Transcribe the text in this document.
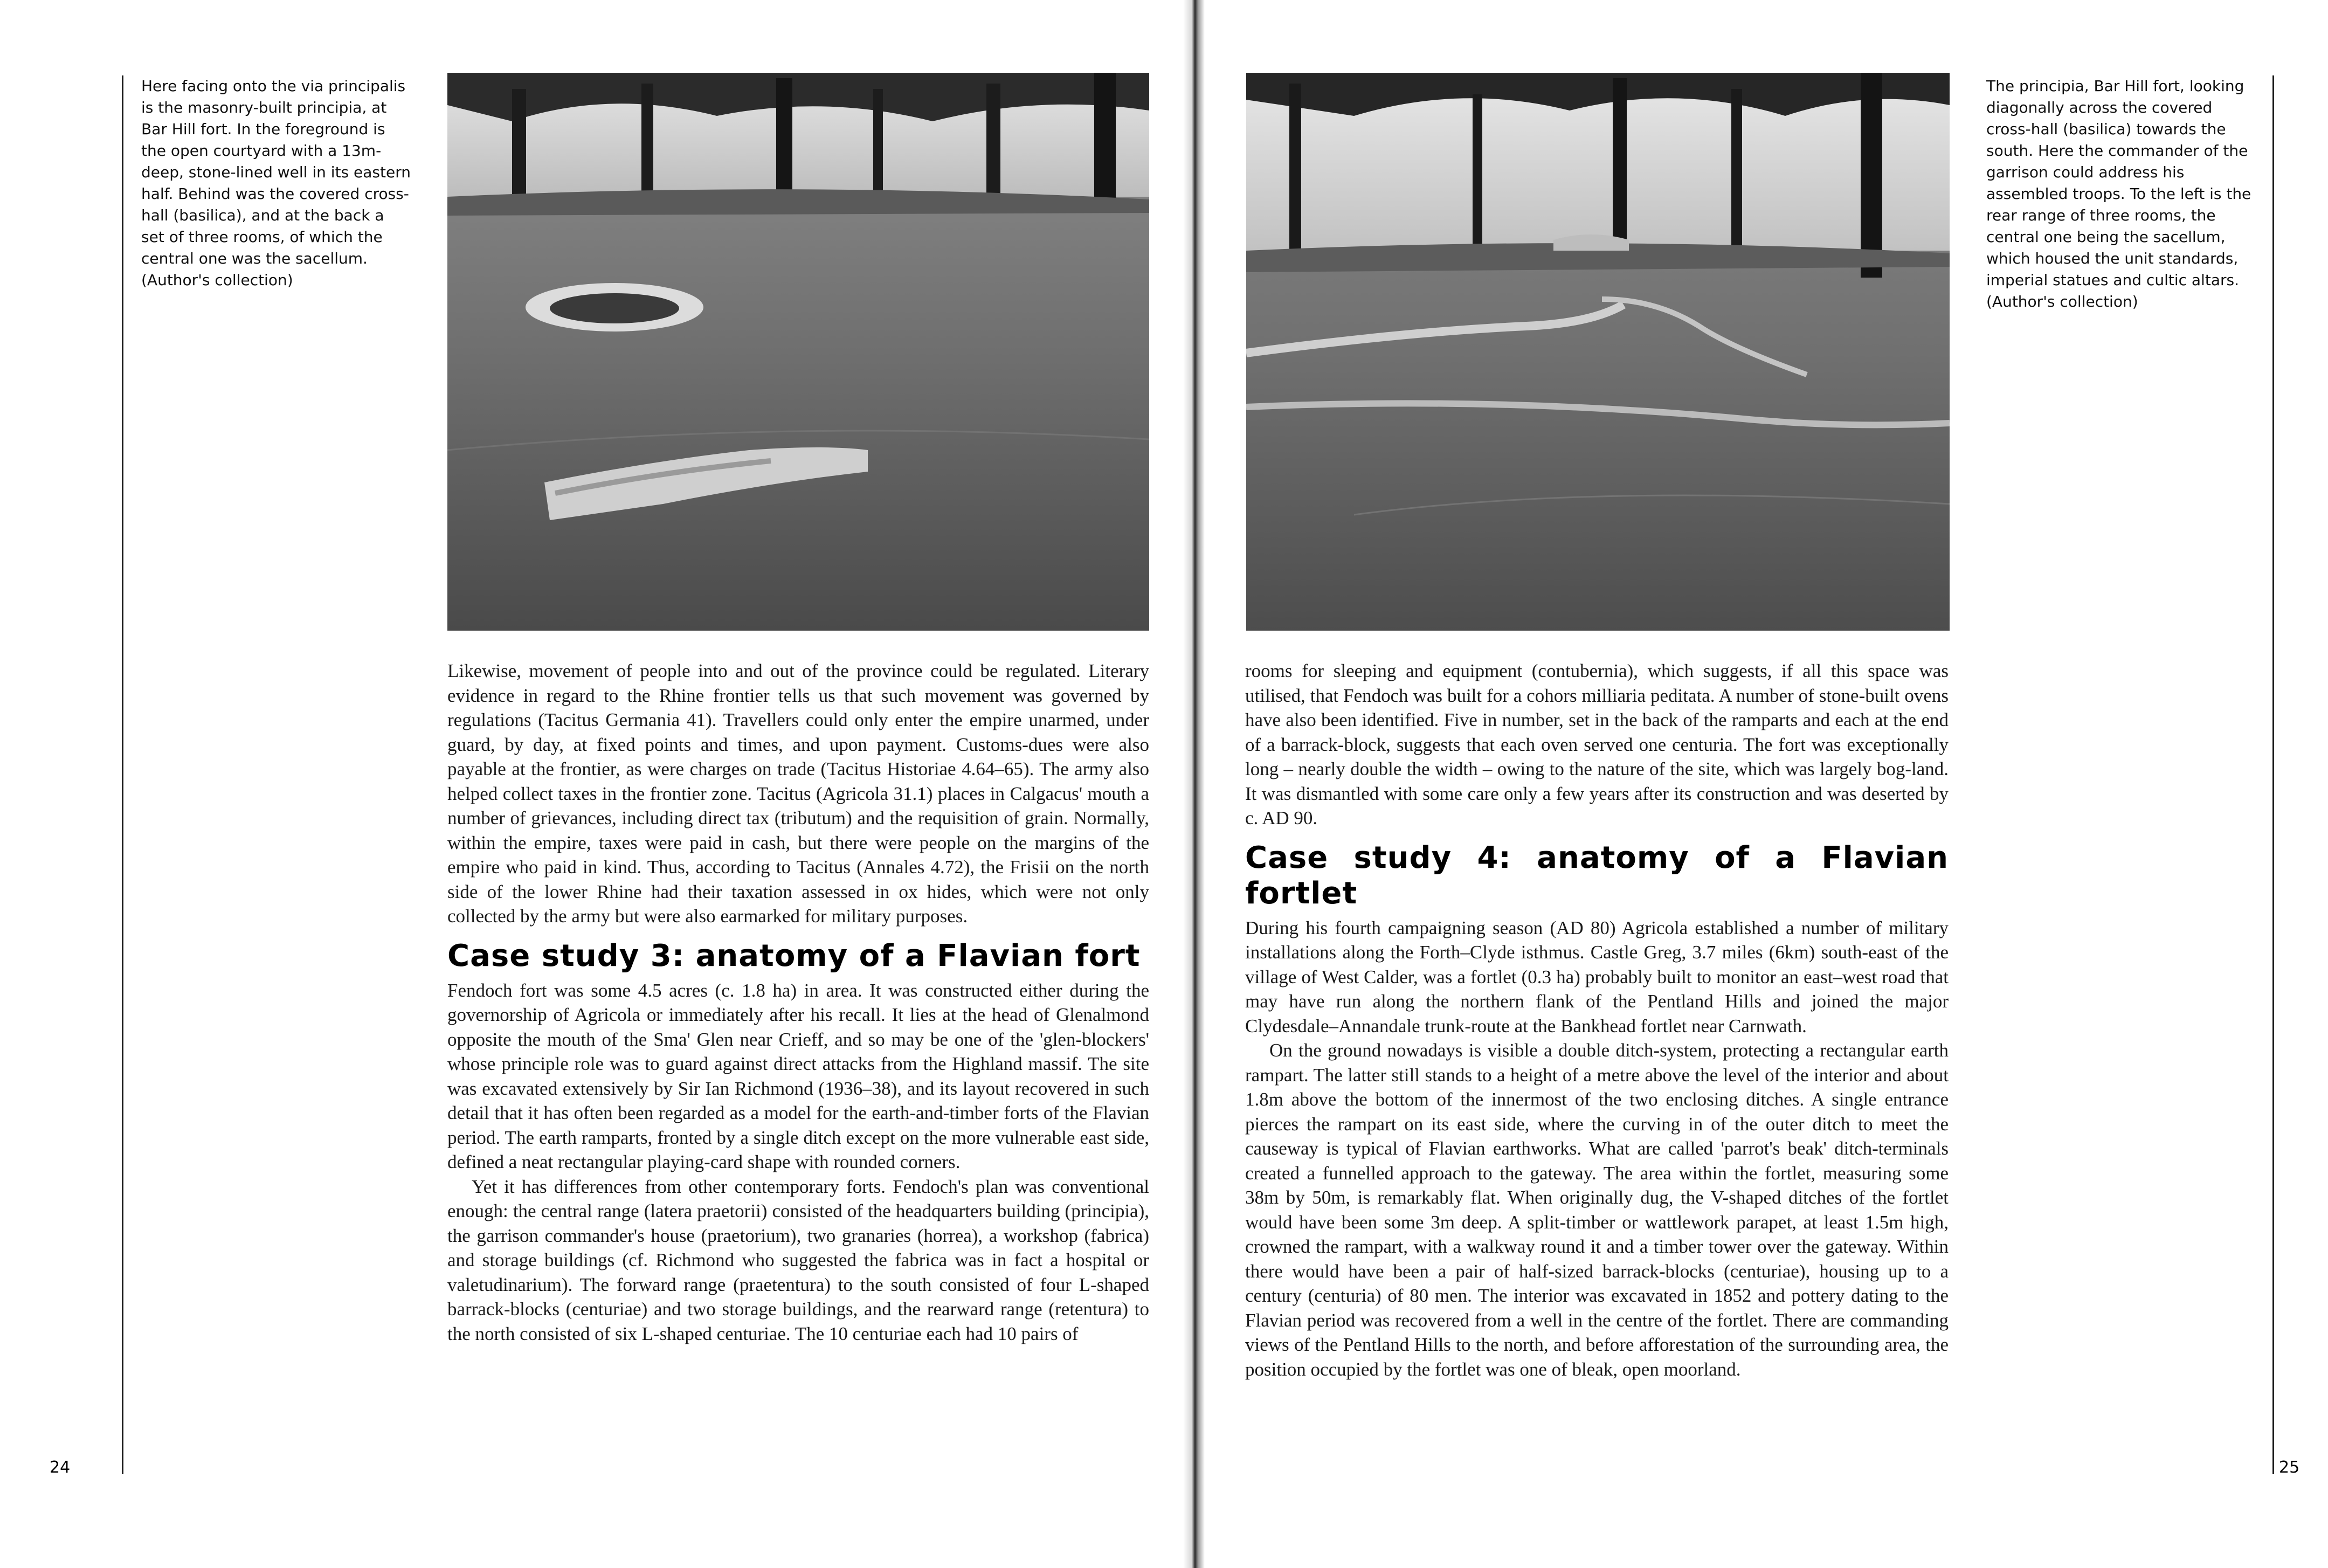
Here facing onto the via principalis is the masonry-built principia, at Bar Hill fort. In the foreground is the open courtyard with a 13m-deep, stone-lined well in its eastern half. Behind was the covered cross-hall (basilica), and at the back a set of three rooms, of which the central one was the sacellum. (Author's collection)

Likewise, movement of people into and out of the province could be regulated. Literary evidence in regard to the Rhine frontier tells us that such movement was governed by regulations (Tacitus Germania 41). Travellers could only enter the empire unarmed, under guard, by day, at fixed points and times, and upon payment. Customs-dues were also payable at the frontier, as were charges on trade (Tacitus Historiae 4.64–65). The army also helped collect taxes in the frontier zone. Tacitus (Agricola 31.1) places in Calgacus' mouth a number of grievances, including direct tax (tributum) and the requisition of grain. Normally, within the empire, taxes were paid in cash, but there were people on the margins of the empire who paid in kind. Thus, according to Tacitus (Annales 4.72), the Frisii on the north side of the lower Rhine had their taxation assessed in ox hides, which were not only collected by the army but were also earmarked for military purposes.

Case study 3: anatomy of a Flavian fort

Fendoch fort was some 4.5 acres (c. 1.8 ha) in area. It was constructed either during the governorship of Agricola or immediately after his recall. It lies at the head of Glenalmond opposite the mouth of the Sma' Glen near Crieff, and so may be one of the 'glen-blockers' whose principle role was to guard against direct attacks from the Highland massif. The site was excavated extensively by Sir Ian Richmond (1936–38), and its layout recovered in such detail that it has often been regarded as a model for the earth-and-timber forts of the Flavian period. The earth ramparts, fronted by a single ditch except on the more vulnerable east side, defined a neat rectangular playing-card shape with rounded corners.

Yet it has differences from other contemporary forts. Fendoch's plan was conventional enough: the central range (latera praetorii) consisted of the headquarters building (principia), the garrison commander's house (praetorium), two granaries (horrea), a workshop (fabrica) and storage buildings (cf. Richmond who suggested the fabrica was in fact a hospital or valetudinarium). The forward range (praetentura) to the south consisted of four L-shaped barrack-blocks (centuriae) and two storage buildings, and the rearward range (retentura) to the north consisted of six L-shaped centuriae. The 10 centuriae each had 10 pairs of

24

The principia, Bar Hill fort, looking diagonally across the covered cross-hall (basilica) towards the south. Here the commander of the garrison could address his assembled troops. To the left is the rear range of three rooms, the central one being the sacellum, which housed the unit standards, imperial statues and cultic altars. (Author's collection)

rooms for sleeping and equipment (contubernia), which suggests, if all this space was utilised, that Fendoch was built for a cohors milliaria peditata. A number of stone-built ovens have also been identified. Five in number, set in the back of the ramparts and each at the end of a barrack-block, suggests that each oven served one centuria. The fort was exceptionally long – nearly double the width – owing to the nature of the site, which was largely bog-land. It was dismantled with some care only a few years after its construction and was deserted by c. AD 90.

Case study 4: anatomy of a Flavian fortlet

During his fourth campaigning season (AD 80) Agricola established a number of military installations along the Forth–Clyde isthmus. Castle Greg, 3.7 miles (6km) south-east of the village of West Calder, was a fortlet (0.3 ha) probably built to monitor an east–west road that may have run along the northern flank of the Pentland Hills and joined the major Clydesdale–Annandale trunk-route at the Bankhead fortlet near Carnwath.

On the ground nowadays is visible a double ditch-system, protecting a rectangular earth rampart. The latter still stands to a height of a metre above the level of the interior and about 1.8m above the bottom of the innermost of the two enclosing ditches. A single entrance pierces the rampart on its east side, where the curving in of the outer ditch to meet the causeway is typical of Flavian earthworks. What are called 'parrot's beak' ditch-terminals created a funnelled approach to the gateway. The area within the fortlet, measuring some 38m by 50m, is remarkably flat. When originally dug, the V-shaped ditches of the fortlet would have been some 3m deep. A split-timber or wattlework parapet, at least 1.5m high, crowned the rampart, with a walkway round it and a timber tower over the gateway. Within there would have been a pair of half-sized barrack-blocks (centuriae), housing up to a century (centuria) of 80 men. The interior was excavated in 1852 and pottery dating to the Flavian period was recovered from a well in the centre of the fortlet. There are commanding views of the Pentland Hills to the north, and before afforestation of the surrounding area, the position occupied by the fortlet was one of bleak, open moorland.

25
